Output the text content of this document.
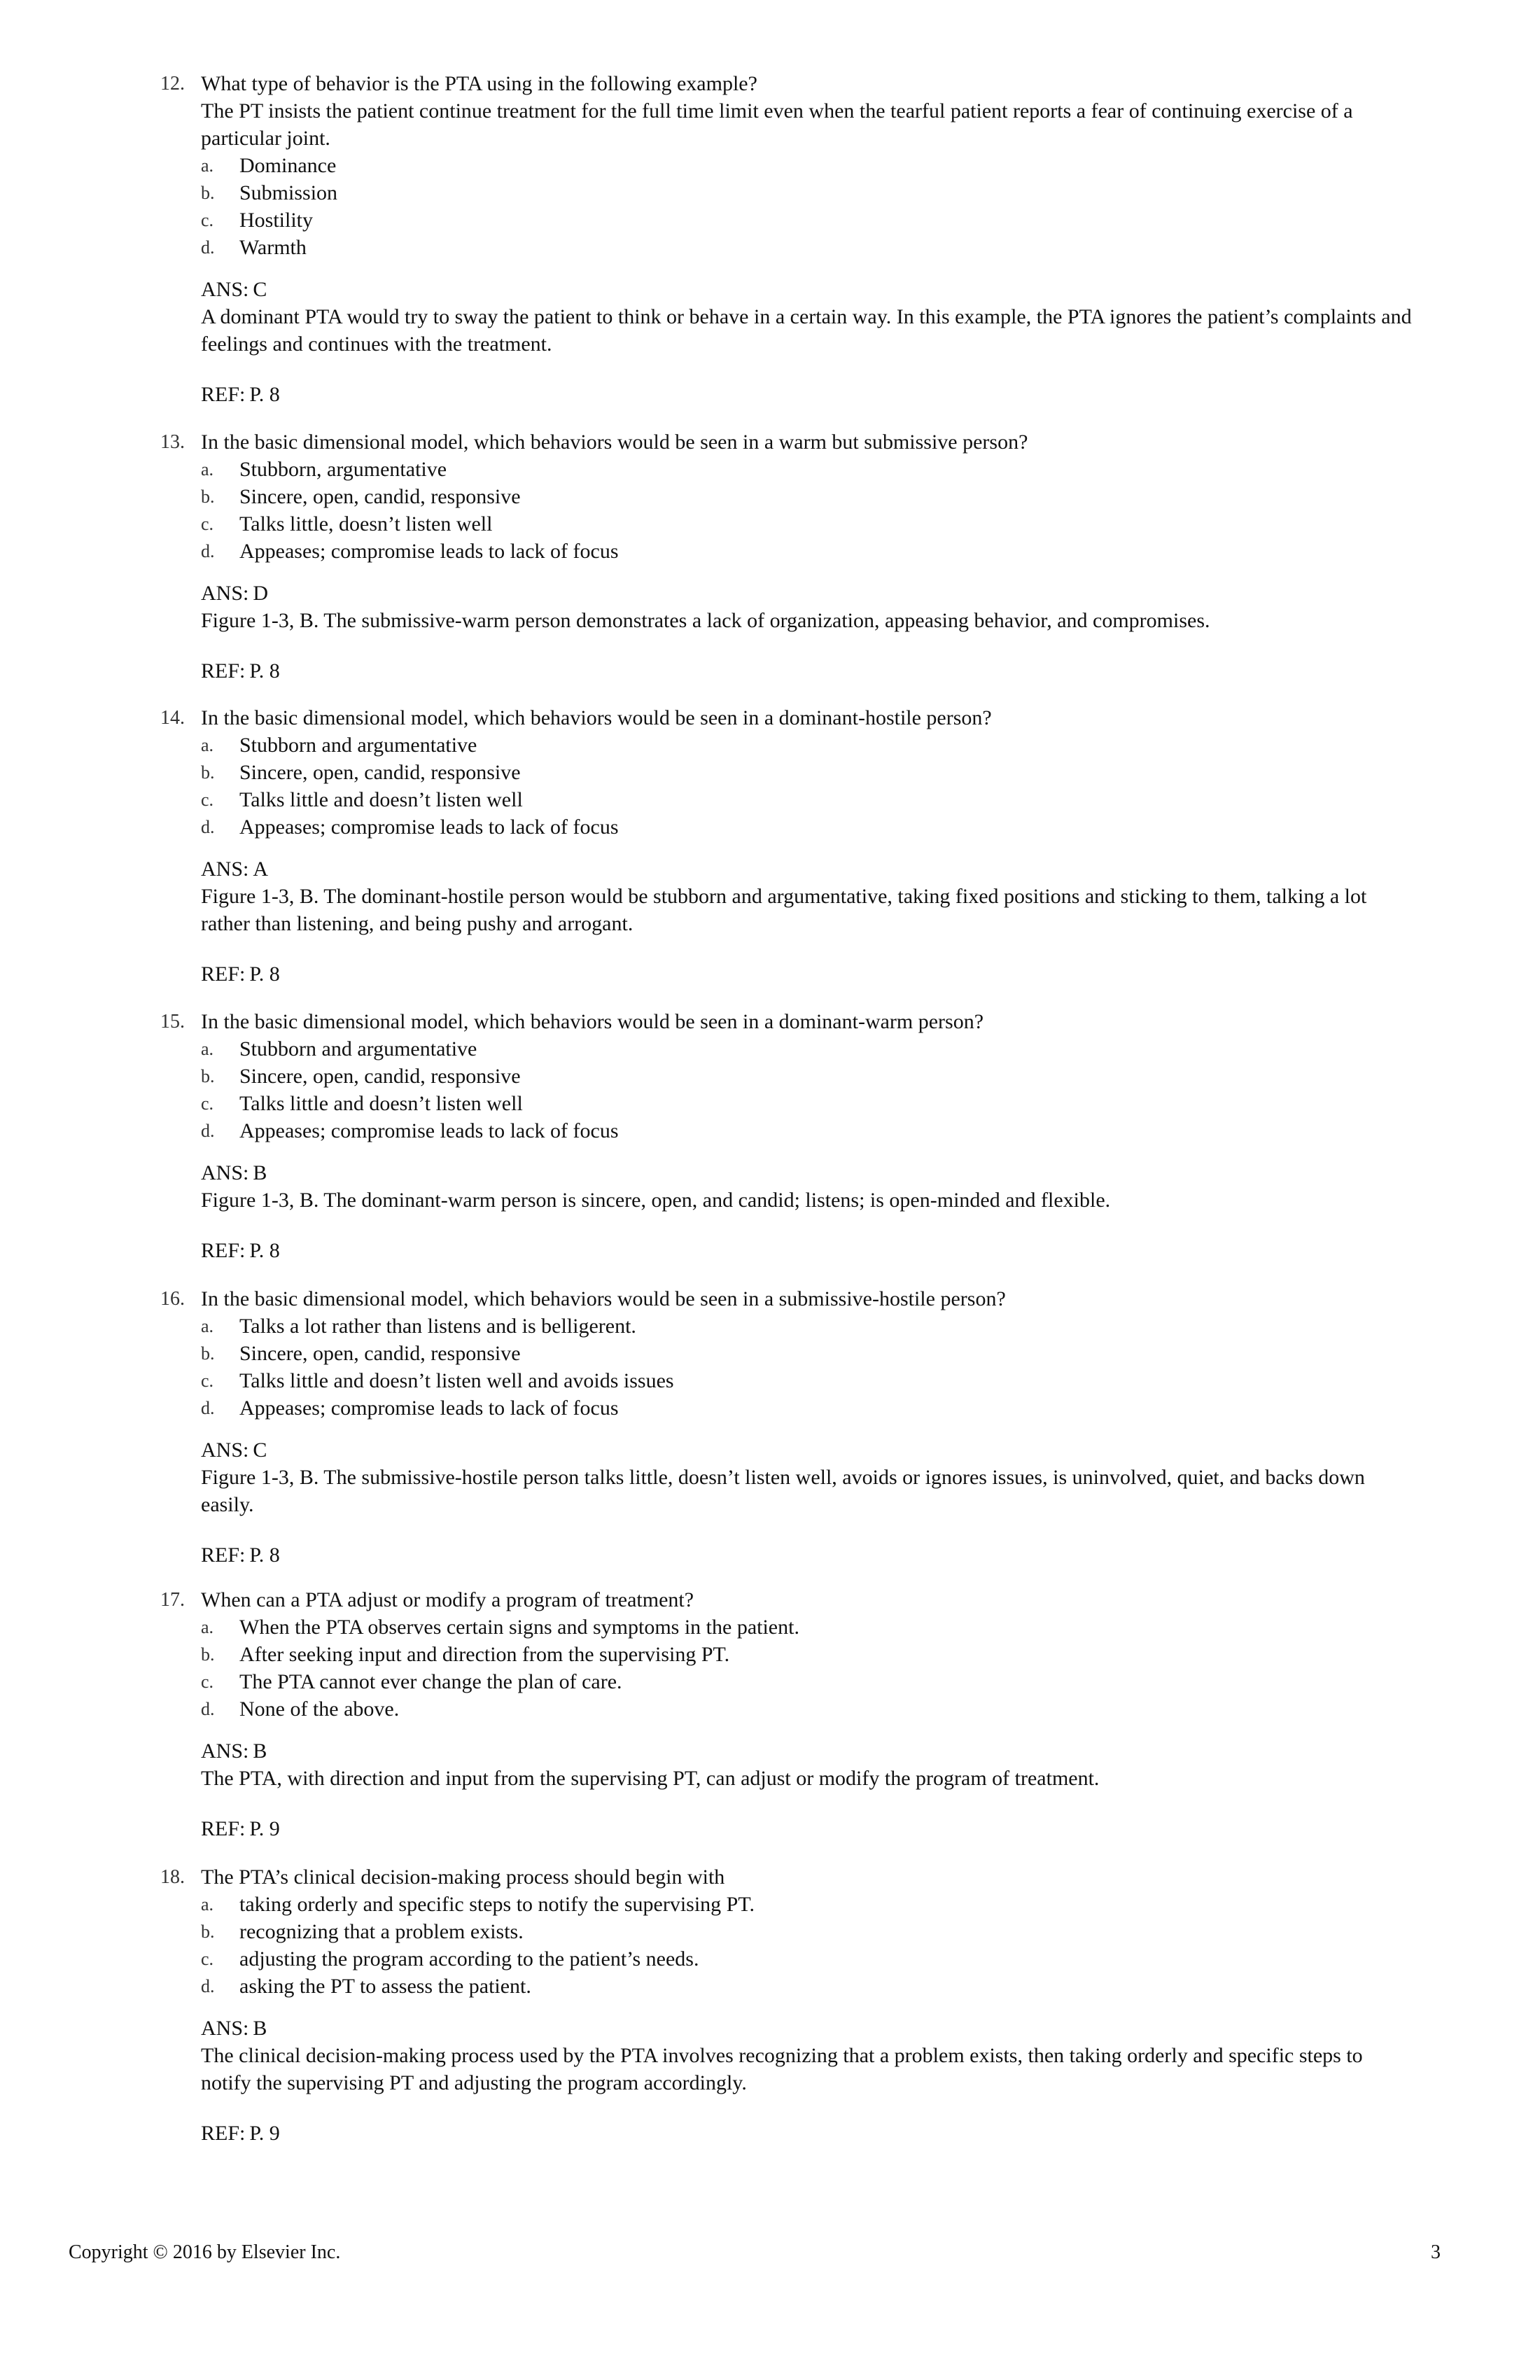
12. What type of behavior is the PTA using in the following example?
The PT insists the patient continue treatment for the full time limit even when the tearful patient reports a fear of continuing exercise of a particular joint.
a. Dominance
b. Submission
c. Hostility
d. Warmth
ANS: C
A dominant PTA would try to sway the patient to think or behave in a certain way. In this example, the PTA ignores the patient’s complaints and feelings and continues with the treatment.
REF: P. 8
13. In the basic dimensional model, which behaviors would be seen in a warm but submissive person?
a. Stubborn, argumentative
b. Sincere, open, candid, responsive
c. Talks little, doesn’t listen well
d. Appeases; compromise leads to lack of focus
ANS: D
Figure 1-3, B. The submissive-warm person demonstrates a lack of organization, appeasing behavior, and compromises.
REF: P. 8
14. In the basic dimensional model, which behaviors would be seen in a dominant-hostile person?
a. Stubborn and argumentative
b. Sincere, open, candid, responsive
c. Talks little and doesn’t listen well
d. Appeases; compromise leads to lack of focus
ANS: A
Figure 1-3, B. The dominant-hostile person would be stubborn and argumentative, taking fixed positions and sticking to them, talking a lot rather than listening, and being pushy and arrogant.
REF: P. 8
15. In the basic dimensional model, which behaviors would be seen in a dominant-warm person?
a. Stubborn and argumentative
b. Sincere, open, candid, responsive
c. Talks little and doesn’t listen well
d. Appeases; compromise leads to lack of focus
ANS: B
Figure 1-3, B. The dominant-warm person is sincere, open, and candid; listens; is open-minded and flexible.
REF: P. 8
16. In the basic dimensional model, which behaviors would be seen in a submissive-hostile person?
a. Talks a lot rather than listens and is belligerent.
b. Sincere, open, candid, responsive
c. Talks little and doesn’t listen well and avoids issues
d. Appeases; compromise leads to lack of focus
ANS: C
Figure 1-3, B. The submissive-hostile person talks little, doesn’t listen well, avoids or ignores issues, is uninvolved, quiet, and backs down easily.
REF: P. 8
17. When can a PTA adjust or modify a program of treatment?
a. When the PTA observes certain signs and symptoms in the patient.
b. After seeking input and direction from the supervising PT.
c. The PTA cannot ever change the plan of care.
d. None of the above.
ANS: B
The PTA, with direction and input from the supervising PT, can adjust or modify the program of treatment.
REF: P. 9
18. The PTA’s clinical decision-making process should begin with
a. taking orderly and specific steps to notify the supervising PT.
b. recognizing that a problem exists.
c. adjusting the program according to the patient’s needs.
d. asking the PT to assess the patient.
ANS: B
The clinical decision-making process used by the PTA involves recognizing that a problem exists, then taking orderly and specific steps to notify the supervising PT and adjusting the program accordingly.
REF: P. 9
Copyright © 2016 by Elsevier Inc.	3
